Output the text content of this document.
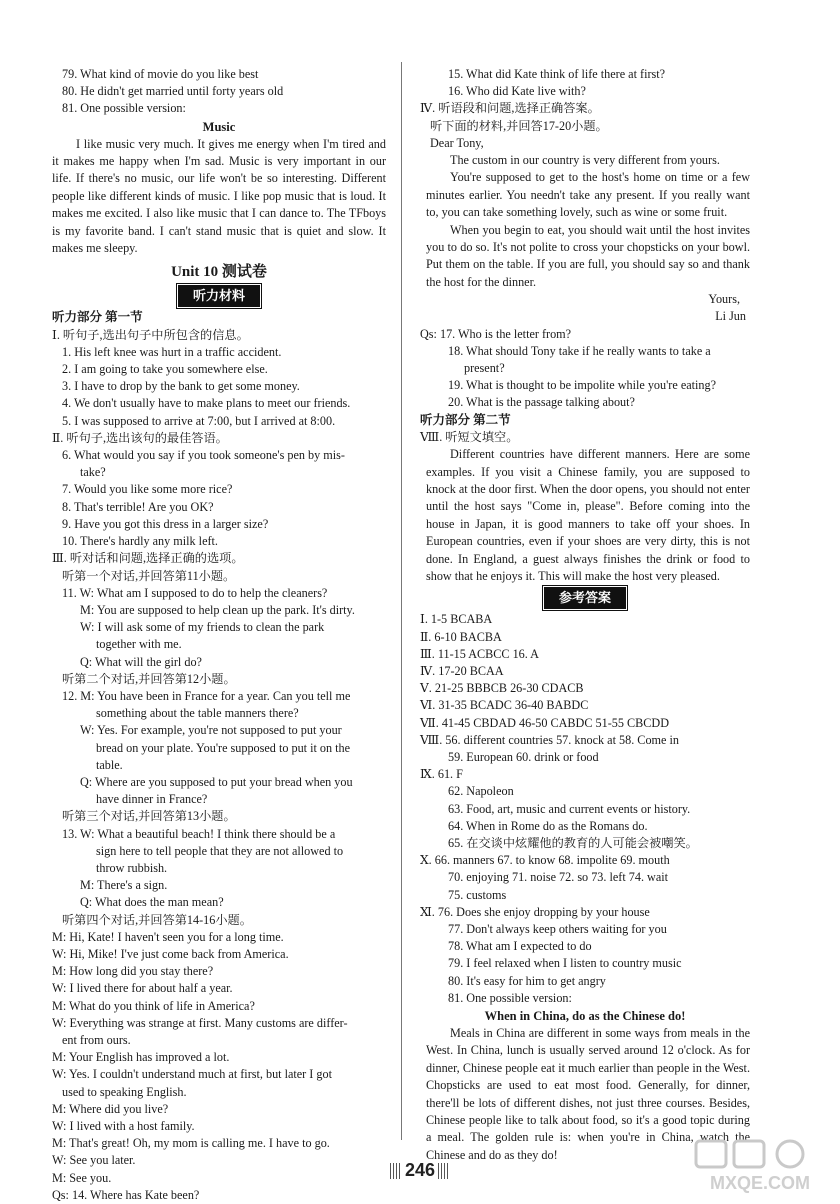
79. What kind of movie do you like best
80. He didn't get married until forty years old
81. One possible version:
Music

I like music very much. It gives me energy when I'm tired and it makes me happy when I'm sad. Music is very important in our life. If there's no music, our life won't be so interesting. Different people like different kinds of music. I like pop music that is loud. It makes me excited. I also like music that I can dance to. The TFboys is my favorite band. I can't stand music that is quiet and slow. It makes me sleepy.

Unit 10 测试卷
听力材料
听力部分 第一节
Ⅰ. 听句子,选出句子中所包含的信息。
1. His left knee was hurt in a traffic accident.
2. I am going to take you somewhere else.
3. I have to drop by the bank to get some money.
4. We don't usually have to make plans to meet our friends.
5. I was supposed to arrive at 7:00, but I arrived at 8:00.
Ⅱ. 听句子,选出该句的最佳答语。
6. What would you say if you took someone's pen by mis-
take?
7. Would you like some more rice?
8. That's terrible! Are you OK?
9. Have you got this dress in a larger size?
10. There's hardly any milk left.
Ⅲ. 听对话和问题,选择正确的选项。
听第一个对话,并回答第11小题。
11. W: What am I supposed to do to help the cleaners?
M: You are supposed to help clean up the park. It's dirty.
W: I will ask some of my friends to clean the park
together with me.
Q: What will the girl do?
听第二个对话,并回答第12小题。
12. M: You have been in France for a year. Can you tell me
something about the table manners there?
W: Yes. For example, you're not supposed to put your
bread on your plate. You're supposed to put it on the
table.
Q: Where are you supposed to put your bread when you
have dinner in France?
听第三个对话,并回答第13小题。
13. W: What a beautiful beach! I think there should be a
sign here to tell people that they are not allowed to
throw rubbish.
M: There's a sign.
Q: What does the man mean?
听第四个对话,并回答第14-16小题。
M: Hi, Kate! I haven't seen you for a long time.
W: Hi, Mike! I've just come back from America.
M: How long did you stay there?
W: I lived there for about half a year.
M: What do you think of life in America?
W: Everything was strange at first. Many customs are differ-
ent from ours.
M: Your English has improved a lot.
W: Yes. I couldn't understand much at first, but later I got
used to speaking English.
M: Where did you live?
W: I lived with a host family.
M: That's great! Oh, my mom is calling me. I have to go.
W: See you later.
M: See you.
Qs: 14. Where has Kate been?
15. What did Kate think of life there at first?
16. Who did Kate live with?
Ⅳ. 听语段和问题,选择正确答案。
听下面的材料,并回答17-20小题。
Dear Tony,

The custom in our country is very different from yours.

You're supposed to get to the host's home on time or a few minutes earlier. You needn't take any present. If you really want to, you can take something lovely, such as wine or some fruit.

When you begin to eat, you should wait until the host invites you to do so. It's not polite to cross your chopsticks on your bowl. Put them on the table. If you are full, you should say so and thank the host for the dinner.

Yours,
Li Jun
Qs: 17. Who is the letter from?
18. What should Tony take if he really wants to take a
present?
19. What is thought to be impolite while you're eating?
20. What is the passage talking about?
听力部分 第二节
Ⅷ. 听短文填空。

Different countries have different manners. Here are some examples. If you visit a Chinese family, you are supposed to knock at the door first. When the door opens, you should not enter until the host says "Come in, please". Before coming into the house in Japan, it is good manners to take off your shoes. In European countries, even if your shoes are very dirty, this is not done. In England, a guest always finishes the drink or food to show that he enjoys it. This will make the host very pleased.

参考答案
Ⅰ. 1-5 BCABA
Ⅱ. 6-10 BACBA
Ⅲ. 11-15 ACBCC 16. A
Ⅳ. 17-20 BCAA
Ⅴ. 21-25 BBBCB 26-30 CDACB
Ⅵ. 31-35 BCADC 36-40 BABDC
Ⅶ. 41-45 CBDAD 46-50 CABDC 51-55 CBCDD
Ⅷ. 56. different countries 57. knock at 58. Come in
59. European 60. drink or food
Ⅸ. 61. F
62. Napoleon
63. Food, art, music and current events or history.
64. When in Rome do as the Romans do.
65. 在交谈中炫耀他的教育的人可能会被嘲笑。
Ⅹ. 66. manners 67. to know 68. impolite 69. mouth
70. enjoying 71. noise 72. so 73. left 74. wait
75. customs
Ⅺ. 76. Does she enjoy dropping by your house
77. Don't always keep others waiting for you
78. What am I expected to do
79. I feel relaxed when I listen to country music
80. It's easy for him to get angry
81. One possible version:
When in China, do as the Chinese do!

Meals in China are different in some ways from meals in the West. In China, lunch is usually served around 12 o'clock. As for dinner, Chinese people eat it much earlier than people in the West. Chopsticks are used to eat most food. Generally, for dinner, there'll be lots of different dishes, not just three courses. Besides, Chinese people like to talk about food, so it's a good topic during a meal. The golden rule is: when you're in China, watch the Chinese and do as they do!

246
MXQE.COM
